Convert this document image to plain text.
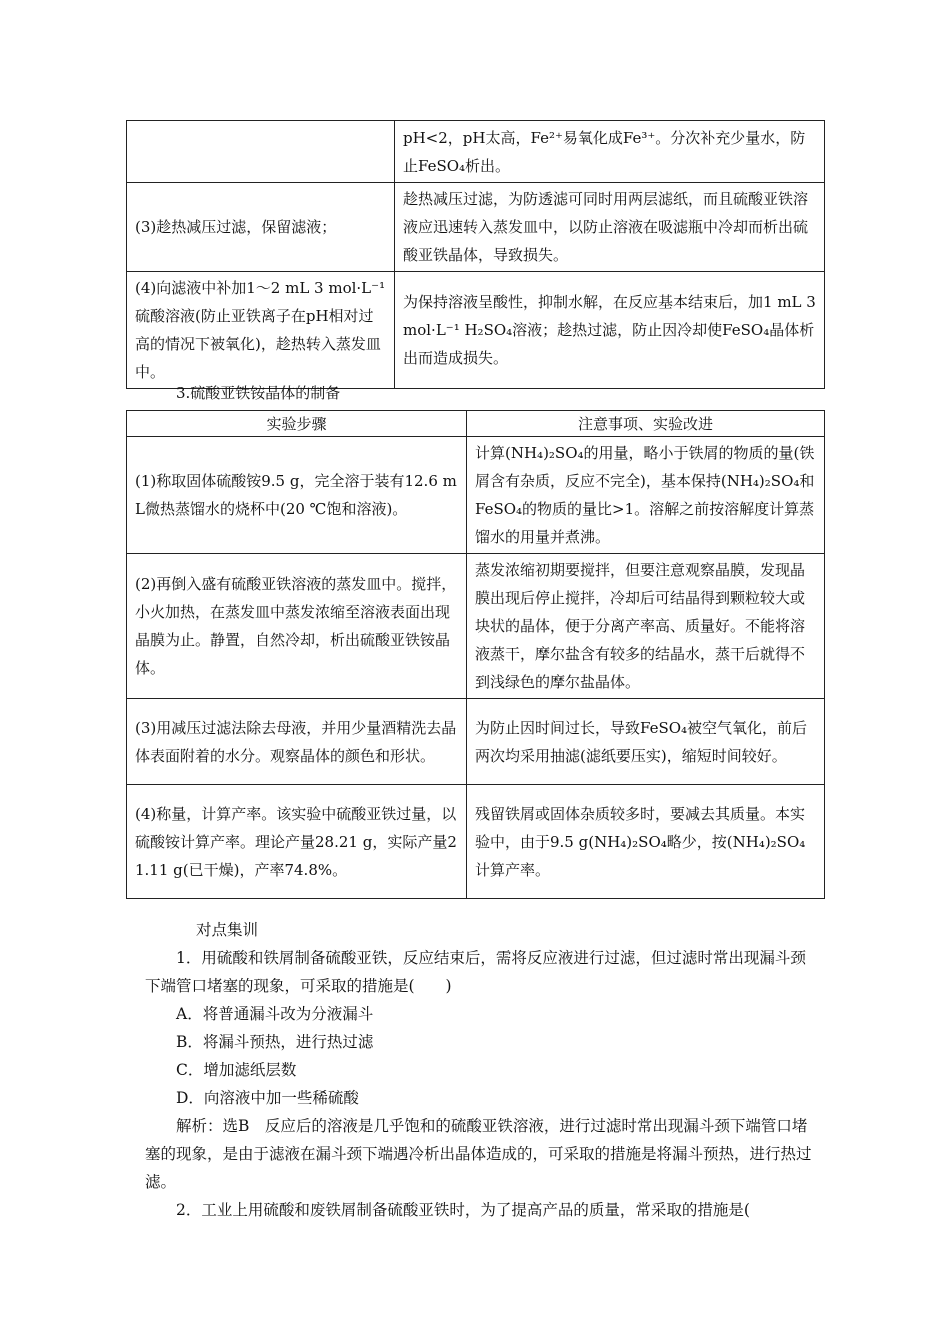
	pH<2，pH太高，Fe²⁺易氧化成Fe³⁺。分次补充少量水，防止FeSO₄析出。
(3)趁热减压过滤，保留滤液；	趁热减压过滤，为防透滤可同时用两层滤纸，而且硫酸亚铁溶液应迅速转入蒸发皿中，以防止溶液在吸滤瓶中冷却而析出硫酸亚铁晶体，导致损失。
(4)向滤液中补加1～2 mL 3 mol·L⁻¹硫酸溶液(防止亚铁离子在pH相对过高的情况下被氧化)，趁热转入蒸发皿中。	为保持溶液呈酸性，抑制水解，在反应基本结束后，加1 mL 3 mol·L⁻¹ H₂SO₄溶液；趁热过滤，防止因冷却使FeSO₄晶体析出而造成损失。
3.硫酸亚铁铵晶体的制备
实验步骤	注意事项、实验改进
(1)称取固体硫酸铵9.5 g，完全溶于装有12.6 mL微热蒸馏水的烧杯中(20 ℃饱和溶液)。	计算(NH₄)₂SO₄的用量，略小于铁屑的物质的量(铁屑含有杂质，反应不完全)，基本保持(NH₄)₂SO₄和FeSO₄的物质的量比>1。溶解之前按溶解度计算蒸馏水的用量并煮沸。
(2)再倒入盛有硫酸亚铁溶液的蒸发皿中。搅拌，小火加热，在蒸发皿中蒸发浓缩至溶液表面出现晶膜为止。静置，自然冷却，析出硫酸亚铁铵晶体。	蒸发浓缩初期要搅拌，但要注意观察晶膜，发现晶膜出现后停止搅拌，冷却后可结晶得到颗粒较大或块状的晶体，便于分离产率高、质量好。不能将溶液蒸干，摩尔盐含有较多的结晶水，蒸干后就得不到浅绿色的摩尔盐晶体。
(3)用减压过滤法除去母液，并用少量酒精洗去晶体表面附着的水分。观察晶体的颜色和形状。	为防止因时间过长，导致FeSO₄被空气氧化，前后两次均采用抽滤(滤纸要压实)，缩短时间较好。
(4)称量，计算产率。该实验中硫酸亚铁过量，以硫酸铵计算产率。理论产量28.21 g，实际产量21.11 g(已干燥)，产率74.8%。	残留铁屑或固体杂质较多时，要减去其质量。本实验中，由于9.5 g(NH₄)₂SO₄略少，按(NH₄)₂SO₄计算产率。

对点集训

1．用硫酸和铁屑制备硫酸亚铁，反应结束后，需将反应液进行过滤，但过滤时常出现漏斗颈下端管口堵塞的现象，可采取的措施是(　　)

A．将普通漏斗改为分液漏斗

B．将漏斗预热，进行热过滤

C．增加滤纸层数

D．向溶液中加一些稀硫酸

解析：选B　反应后的溶液是几乎饱和的硫酸亚铁溶液，进行过滤时常出现漏斗颈下端管口堵塞的现象，是由于滤液在漏斗颈下端遇冷析出晶体造成的，可采取的措施是将漏斗预热，进行热过滤。

2．工业上用硫酸和废铁屑制备硫酸亚铁时，为了提高产品的质量，常采取的措施是(
